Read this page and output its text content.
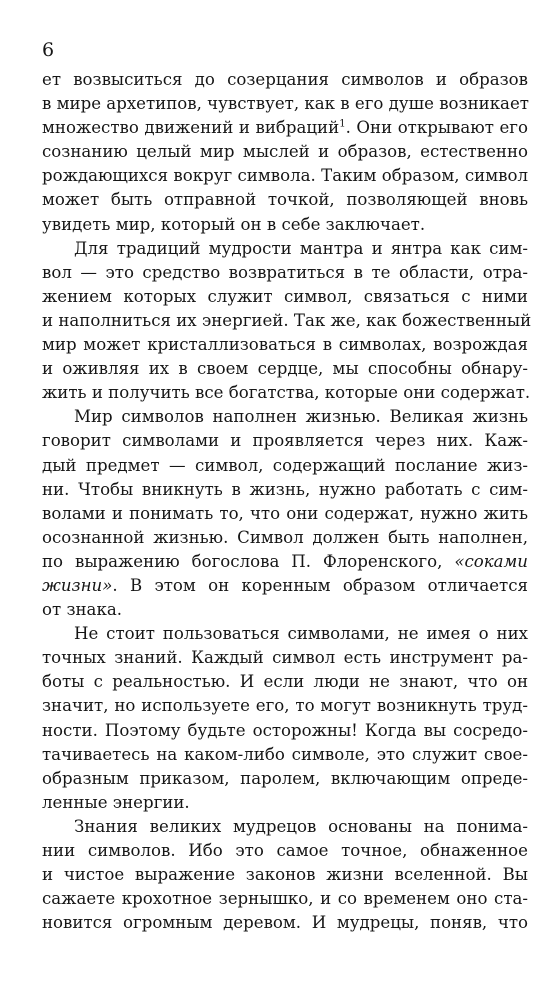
6
ет возвыситься до созерцания символов и образов
в мире архетипов, чувствует, как в его душе возникает
множество движений и вибраций$^1$. Они открывают его
сознанию целый мир мыслей и образов, естественно
рождающихся вокруг символа. Таким образом, символ
может быть отправной точкой, позволяющей вновь
увидеть мир, который он в себе заключает.
Для традиций мудрости мантра и янтра как сим-
вол — это средство возвратиться в те области, отра-
жением которых служит символ, связаться с ними
и наполниться их энергией. Так же, как божественный
мир может кристаллизоваться в символах, возрождая
и оживляя их в своем сердце, мы способны обнару-
жить и получить все богатства, которые они содержат.
Мир символов наполнен жизнью. Великая жизнь
говорит символами и проявляется через них. Каж-
дый предмет — символ, содержащий послание жиз-
ни. Чтобы вникнуть в жизнь, нужно работать с сим-
волами и понимать то, что они содержат, нужно жить
осознанной жизнью. Символ должен быть наполнен,
по выражению богослова П. Флоренского, «соками
жизни». В этом он коренным образом отличается
от знака.
Не стоит пользоваться символами, не имея о них
точных знаний. Каждый символ есть инструмент ра-
боты с реальностью. И если люди не знают, что он
значит, но используете его, то могут возникнуть труд-
ности. Поэтому будьте осторожны! Когда вы сосредо-
тачиваетесь на каком-либо символе, это служит свое-
образным приказом, паролем, включающим опреде-
ленные энергии.
Знания великих мудрецов основаны на понима-
нии символов. Ибо это самое точное, обнаженное
и чистое выражение законов жизни вселенной. Вы
сажаете крохотное зернышко, и со временем оно ста-
новится огромным деревом. И мудрецы, поняв, что
